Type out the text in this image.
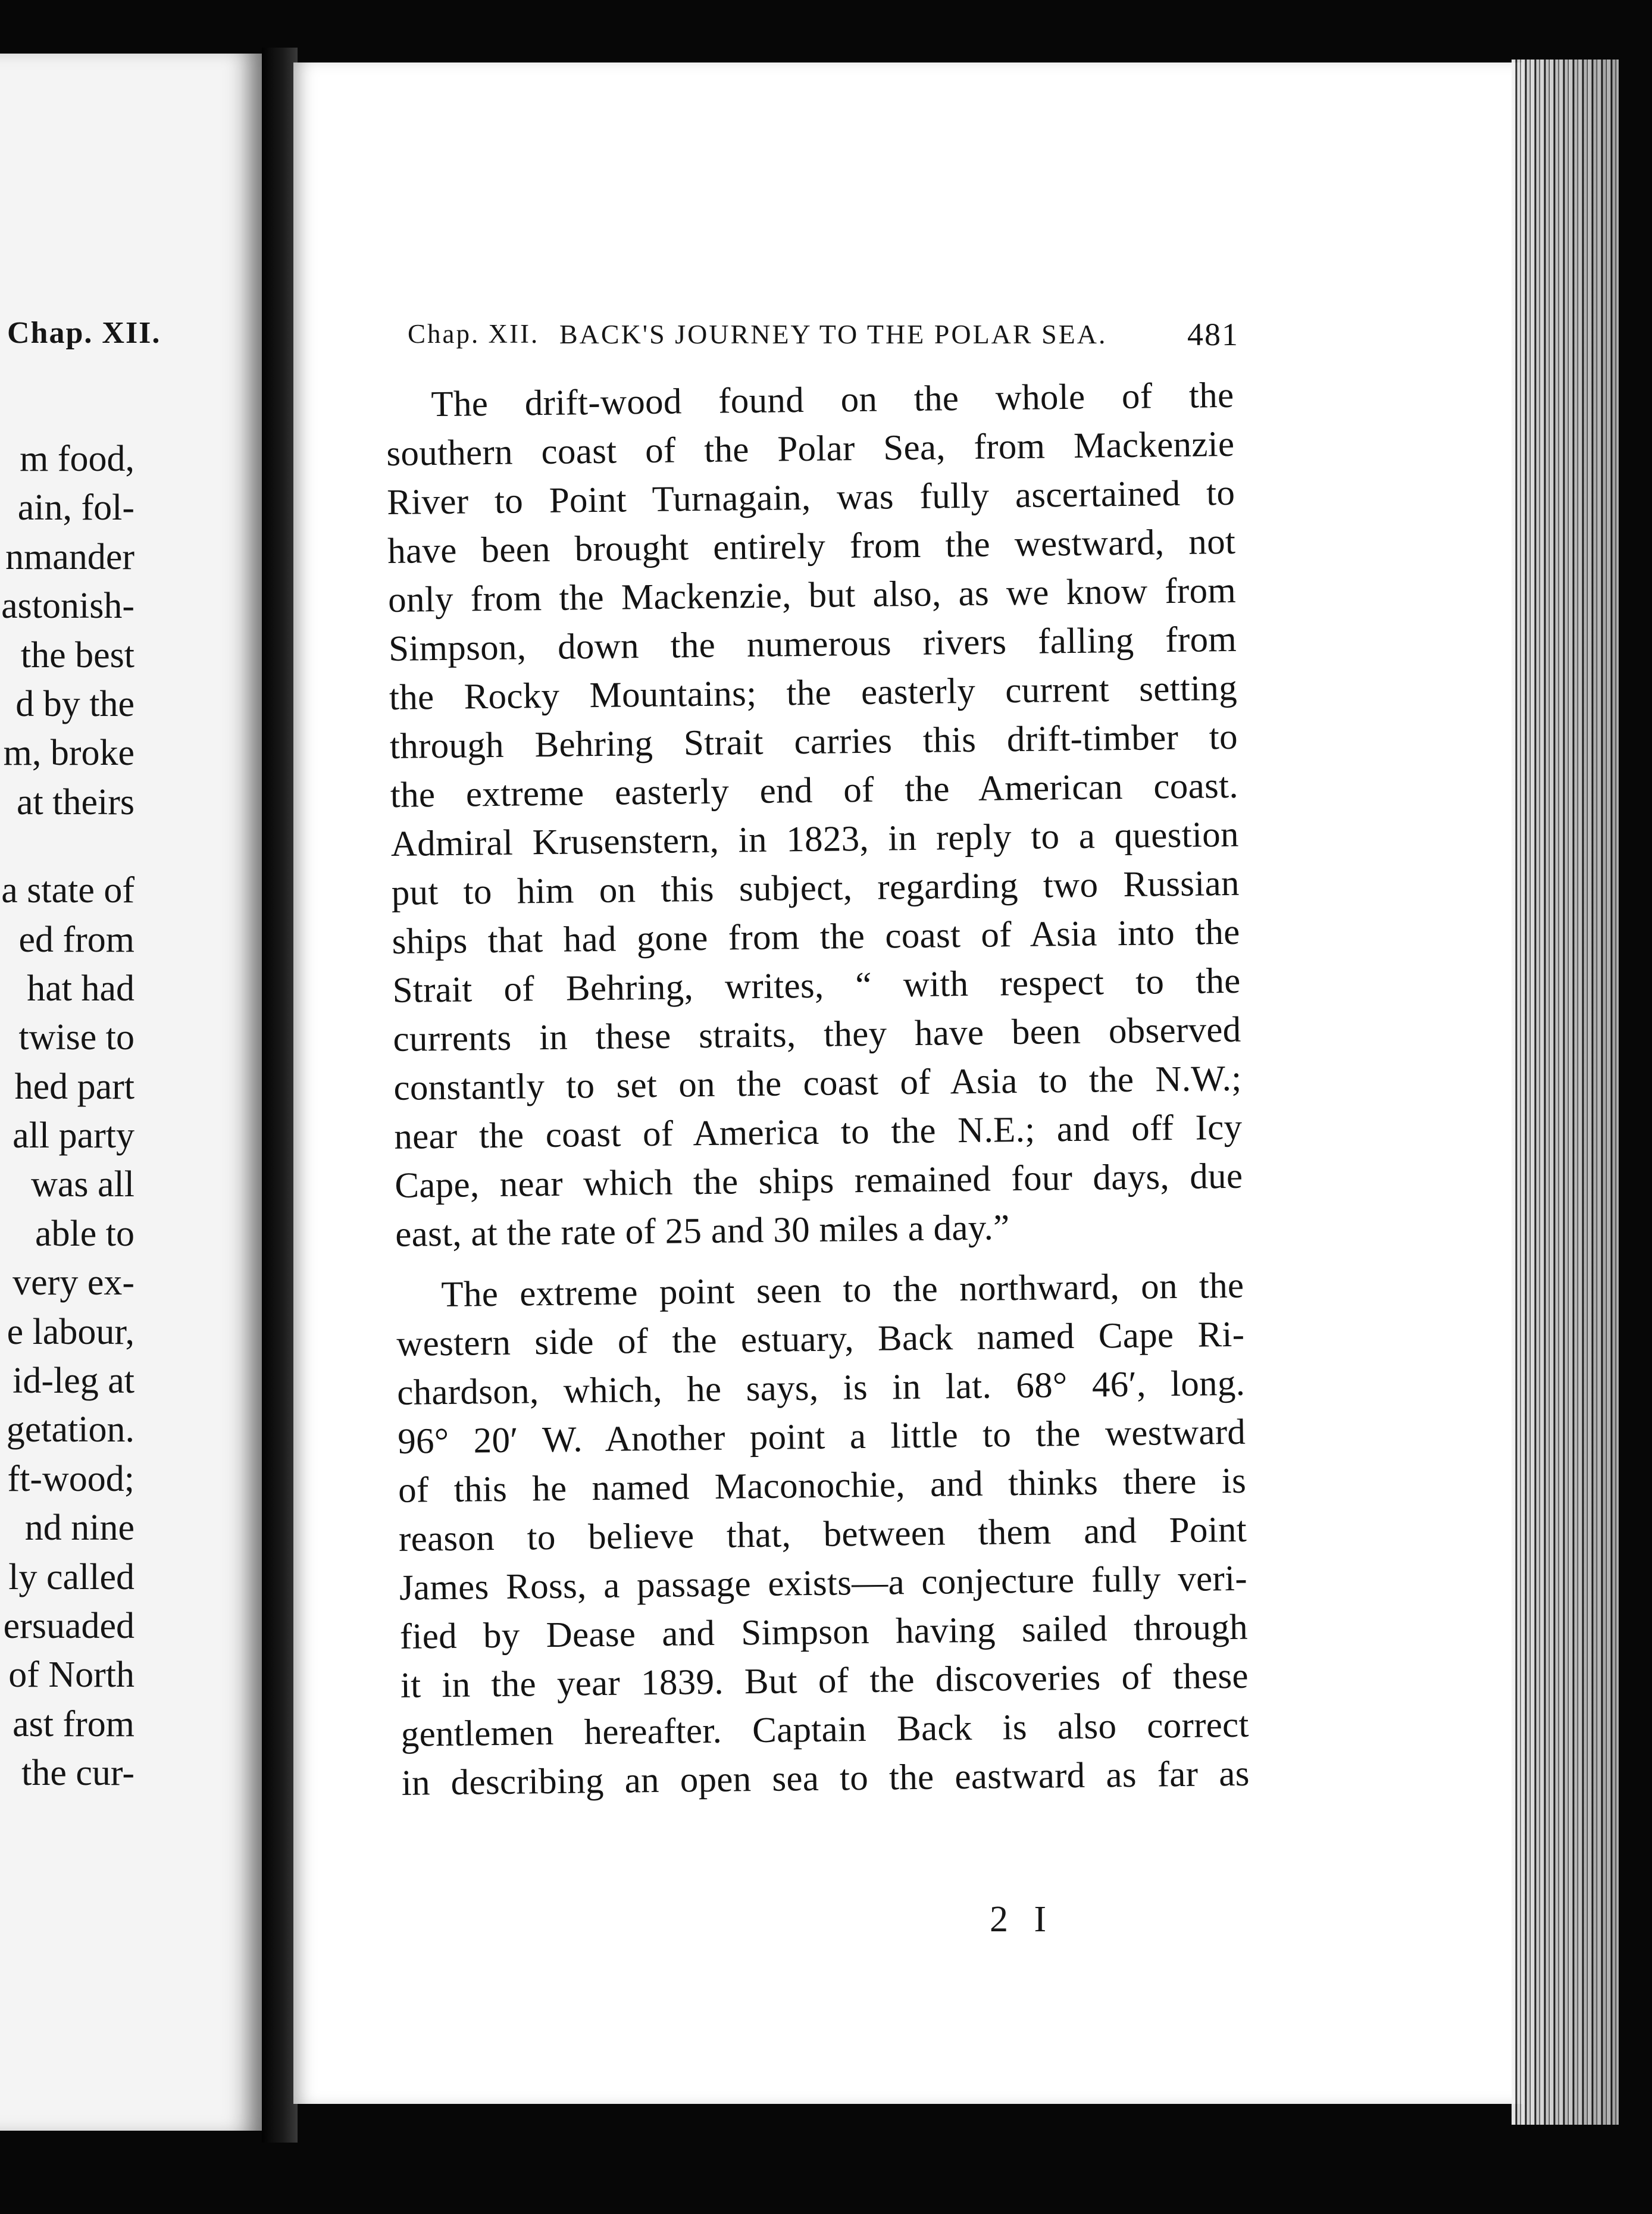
Chap. XII.
m food,
ain, fol-
nmander
astonish-
the best
d by the
m, broke
at theirs
a state of
ed from
hat had
twise to
hed part
all party
was all
able to
very ex-
e labour,
id-leg at
getation.
ft-wood;
nd nine
ly called
ersuaded
of North
ast from
the cur-
Chap. XII. BACK'S JOURNEY TO THE POLAR SEA. 481
The drift-wood found on the whole of the
southern coast of the Polar Sea, from Mackenzie
River to Point Turnagain, was fully ascertained to
have been brought entirely from the westward, not
only from the Mackenzie, but also, as we know from
Simpson, down the numerous rivers falling from
the Rocky Mountains; the easterly current setting
through Behring Strait carries this drift-timber to
the extreme easterly end of the American coast.
Admiral Krusenstern, in 1823, in reply to a question
put to him on this subject, regarding two Russian
ships that had gone from the coast of Asia into the
Strait of Behring, writes, “ with respect to the
currents in these straits, they have been observed
constantly to set on the coast of Asia to the N.W.;
near the coast of America to the N.E.; and off Icy
Cape, near which the ships remained four days, due
east, at the rate of 25 and 30 miles a day.”
The extreme point seen to the northward, on the
western side of the estuary, Back named Cape Ri-
chardson, which, he says, is in lat. 68° 46′, long.
96° 20′ W. Another point a little to the westward
of this he named Maconochie, and thinks there is
reason to believe that, between them and Point
James Ross, a passage exists—a conjecture fully veri-
fied by Dease and Simpson having sailed through
it in the year 1839. But of the discoveries of these
gentlemen hereafter. Captain Back is also correct
in describing an open sea to the eastward as far as
2 I
